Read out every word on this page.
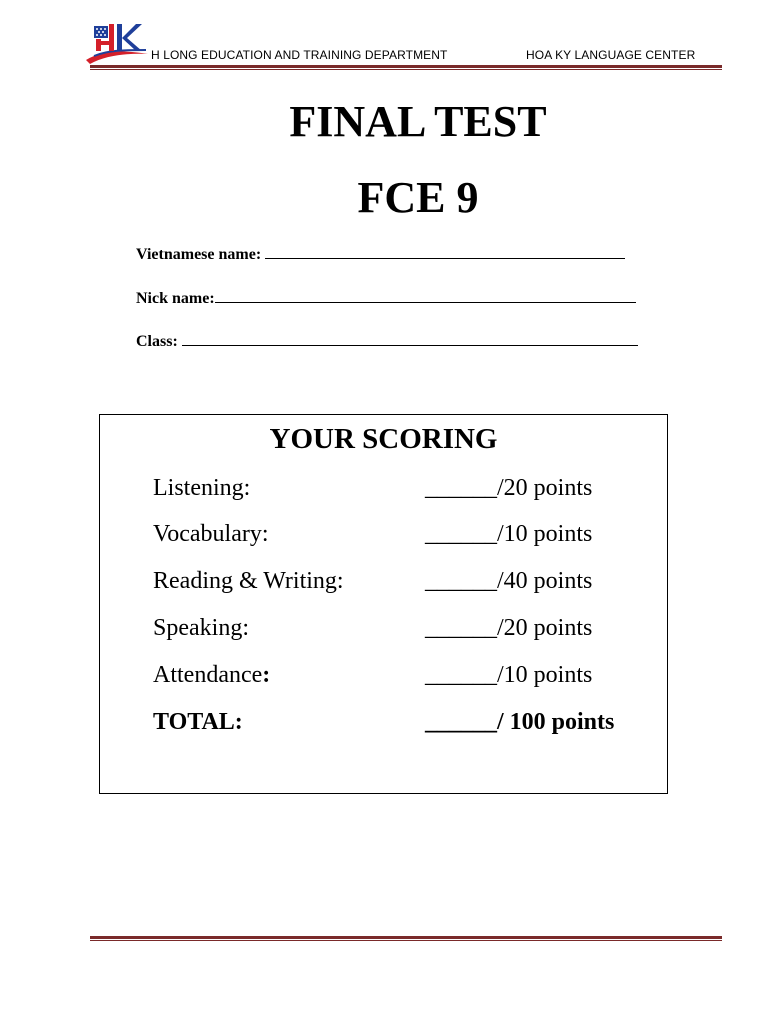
H LONG EDUCATION AND TRAINING DEPARTMENT	HOA KY LANGUAGE CENTER
FINAL TEST
FCE 9
Vietnamese name:
Nick name:
Class:
YOUR SCORING
Listening:	______/20 points
Vocabulary:	______/10 points
Reading & Writing:	______/40 points
Speaking:	______/20 points
Attendance:	______/10 points
TOTAL:	______/ 100 points
